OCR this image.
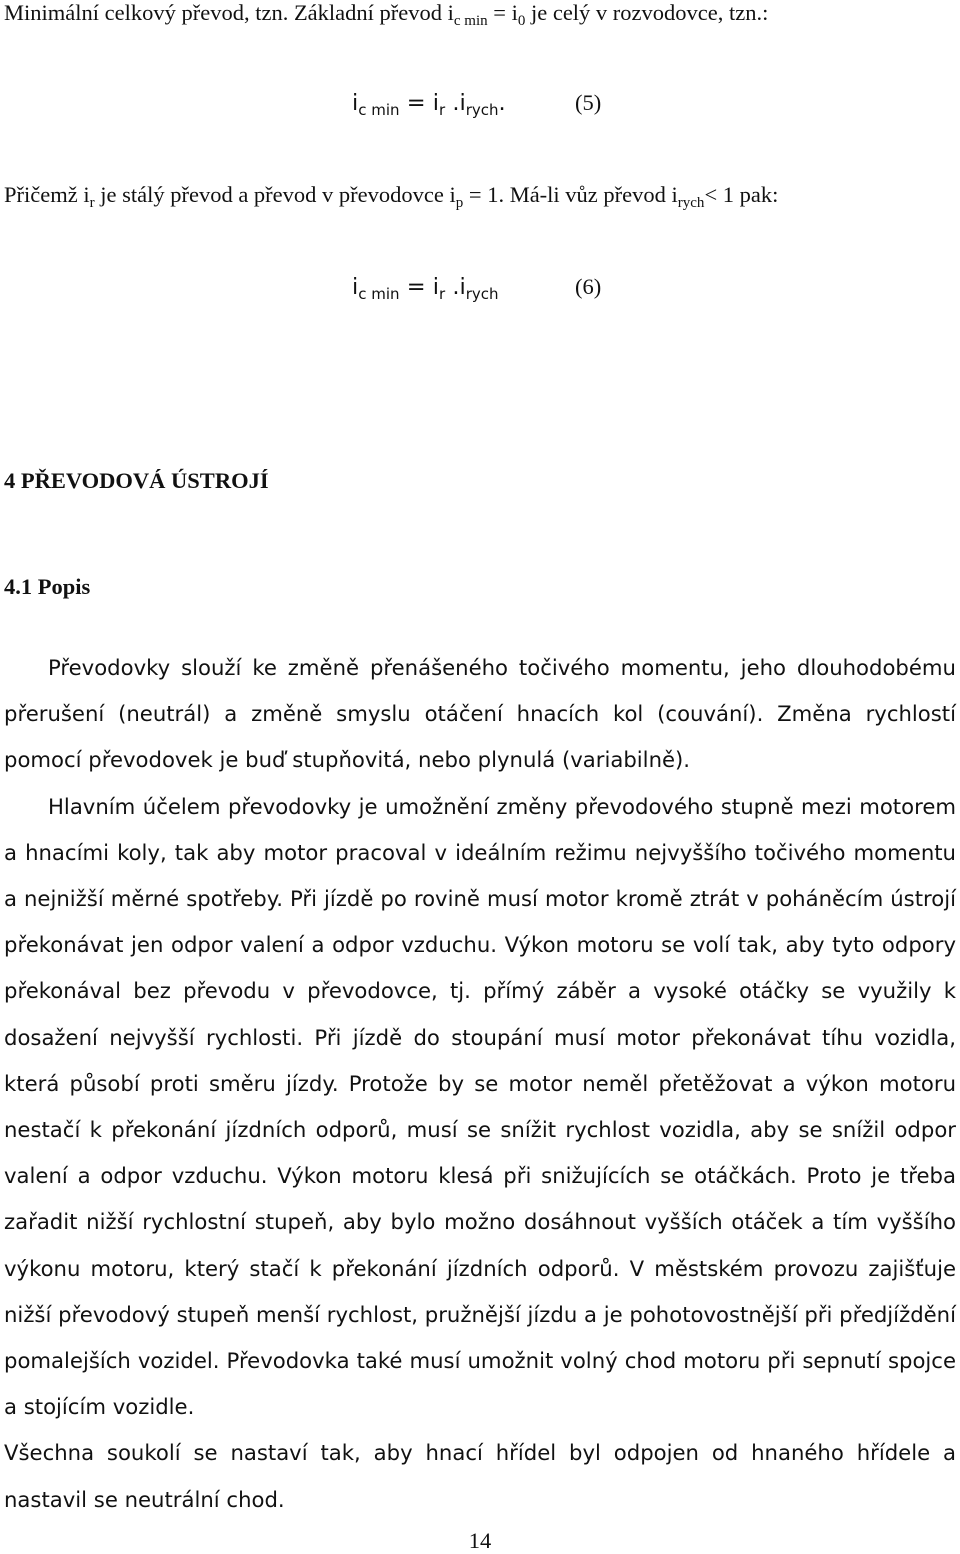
Minimální celkový převod, tzn. Základní převod $i_{c min} = i_0$ je celý v rozvodovce, tzn.:
$i_{c min} = i_r$ $.i_{rych}$.	(5)
Přičemž $i_r$ je stálý převod a převod v převodovce $i_p = 1$. Má-li vůz převod $i_{rych}< 1$ pak:
$i_{c min} = i_r$ $.i_{rych}$	(6)
4 PŘEVODOVÁ ÚSTROJÍ
4.1 Popis

Převodovky slouží ke změně přenášeného točivého momentu, jeho dlouhodobému přerušení (neutrál) a změně smyslu otáčení hnacích kol (couvání). Změna rychlostí pomocí převodovek je buď stupňovitá, nebo plynulá (variabilně).

Hlavním účelem převodovky je umožnění změny převodového stupně mezi motorem a hnacími koly, tak aby motor pracoval v ideálním režimu nejvyššího točivého momentu a nejnižší měrné spotřeby. Při jízdě po rovině musí motor kromě ztrát v poháněcím ústrojí překonávat jen odpor valení a odpor vzduchu. Výkon motoru se volí tak, aby tyto odpory překonával bez převodu v převodovce, tj. přímý záběr a vysoké otáčky se využily k dosažení nejvyšší rychlosti. Při jízdě do stoupání musí motor překonávat tíhu vozidla, která působí proti směru jízdy. Protože by se motor neměl přetěžovat a výkon motoru nestačí k překonání jízdních odporů, musí se snížit rychlost vozidla, aby se snížil odpor valení a odpor vzduchu. Výkon motoru klesá při snižujících se otáčkách. Proto je třeba zařadit nižší rychlostní stupeň, aby bylo možno dosáhnout vyšších otáček a tím vyššího výkonu motoru, který stačí k překonání jízdních odporů. V městském provozu zajišťuje nižší převodový stupeň menší rychlost, pružnější jízdu a je pohotovostnější při předjíždění pomalejších vozidel. Převodovka také musí umožnit volný chod motoru při sepnutí spojce a stojícím vozidle.

Všechna soukolí se nastaví tak, aby hnací hřídel byl odpojen od hnaného hřídele a nastavil se neutrální chod.

14
